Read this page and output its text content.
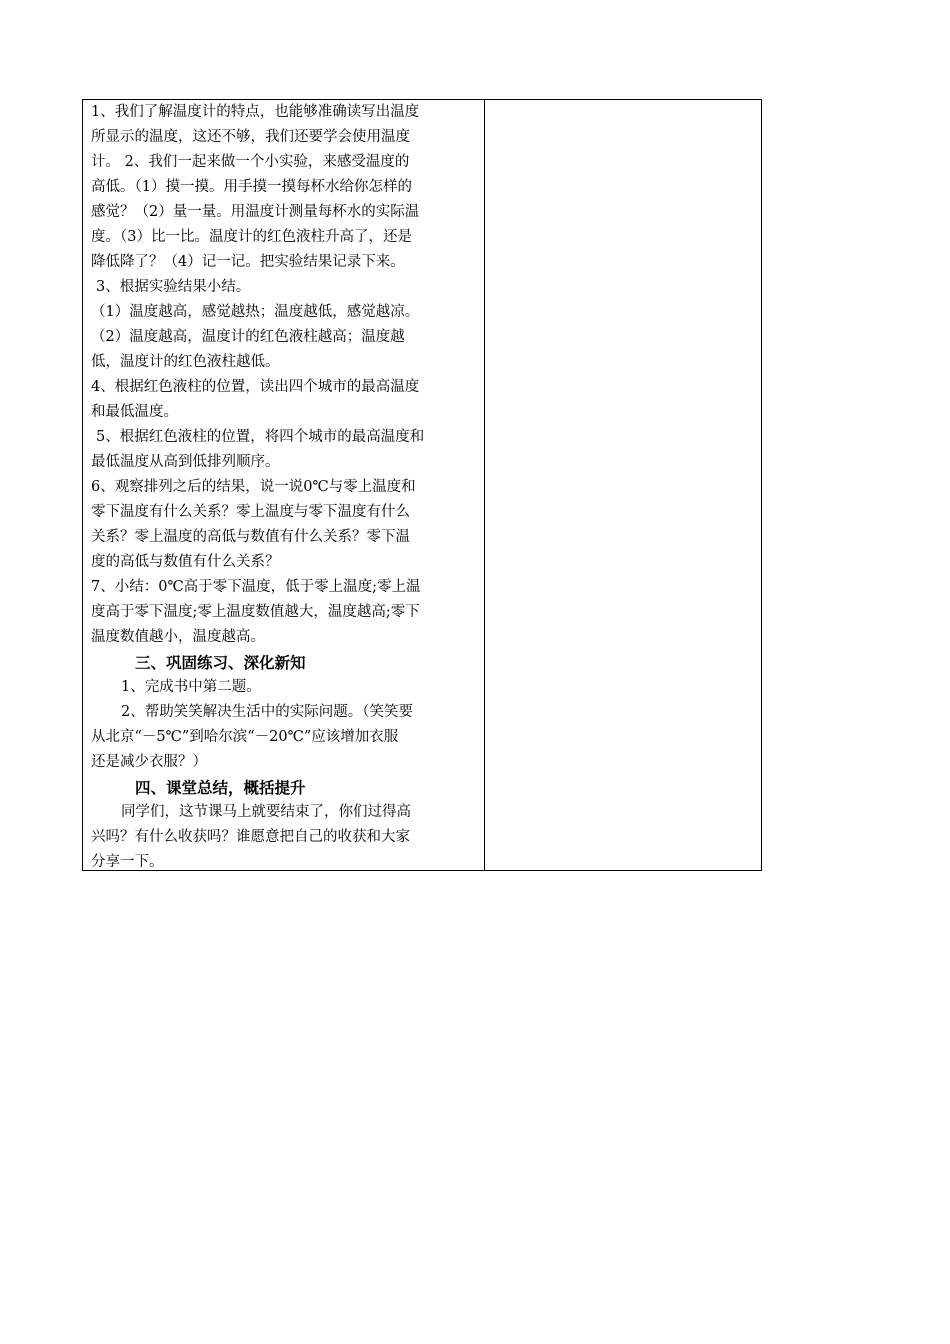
1、我们了解温度计的特点，也能够准确读写出温度
所显示的温度，这还不够，我们还要学会使用温度
计。 2、我们一起来做一个小实验，来感受温度的
高低。（1）摸一摸。用手摸一摸每杯水给你怎样的
感觉？（2）量一量。用温度计测量每杯水的实际温
度。（3）比一比。温度计的红色液柱升高了，还是
降低降了？（4）记一记。把实验结果记录下来。
3、根据实验结果小结。
（1）温度越高，感觉越热；温度越低，感觉越凉。
（2）温度越高，温度计的红色液柱越高；温度越
低，温度计的红色液柱越低。
4、根据红色液柱的位置，读出四个城市的最高温度
和最低温度。
5、根据红色液柱的位置，将四个城市的最高温度和
最低温度从高到低排列顺序。
6、观察排列之后的结果，说一说0℃与零上温度和
零下温度有什么关系？零上温度与零下温度有什么
关系？零上温度的高低与数值有什么关系？零下温
度的高低与数值有什么关系？
7、小结：0℃高于零下温度，低于零上温度;零上温
度高于零下温度;零上温度数值越大，温度越高;零下
温度数值越小，温度越高。
三、巩固练习、深化新知
1、完成书中第二题。
2、帮助笑笑解决生活中的实际问题。（笑笑要
从北京“－5℃”到哈尔滨“－20℃”应该增加衣服
还是减少衣服？）
四、课堂总结，概括提升
同学们，这节课马上就要结束了，你们过得高
兴吗？有什么收获吗？谁愿意把自己的收获和大家
分享一下。
